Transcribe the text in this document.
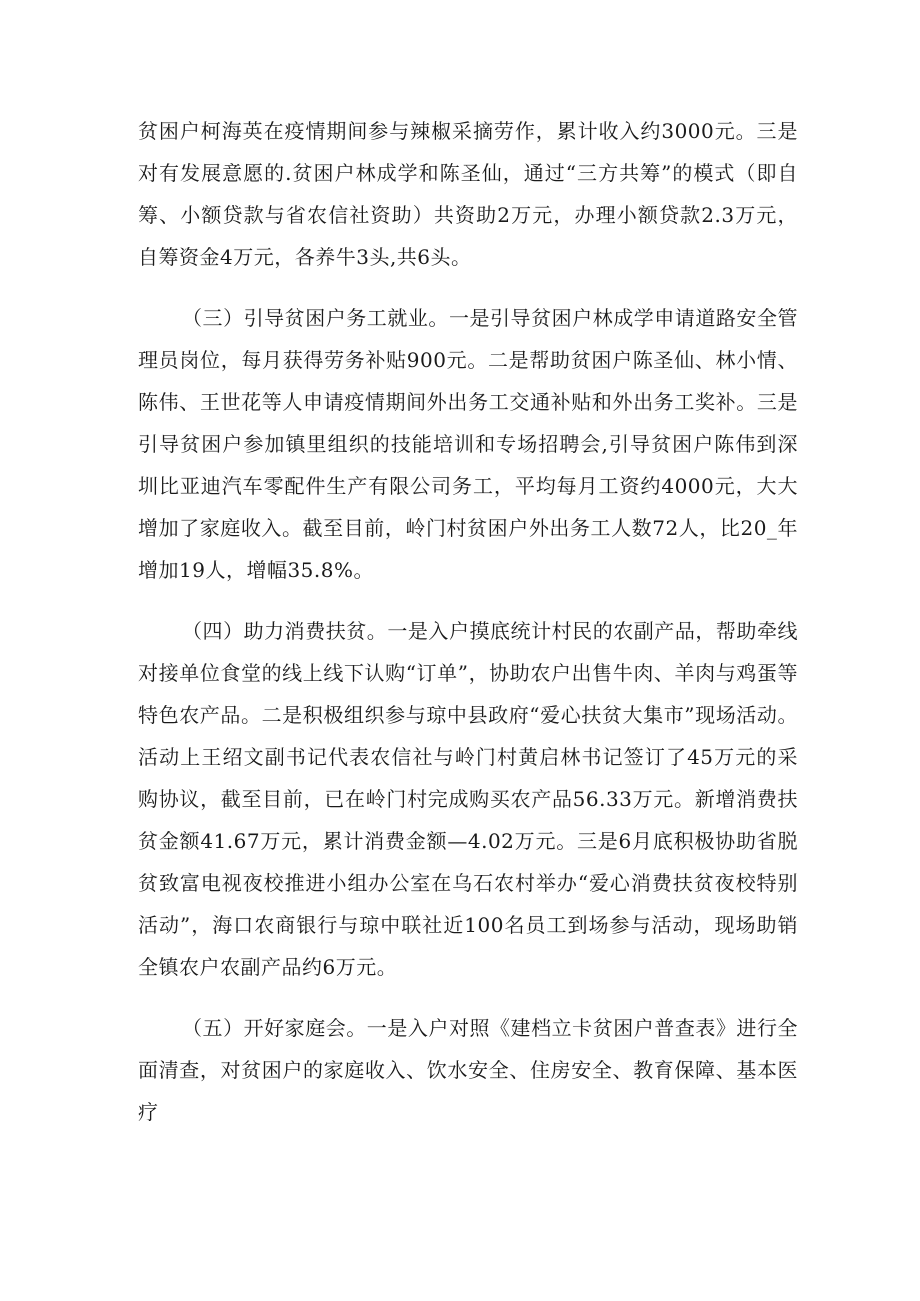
贫困户柯海英在疫情期间参与辣椒采摘劳作，累计收入约3000元。三是对有发展意愿的.贫困户林成学和陈圣仙，通过“三方共筹”的模式（即自筹、小额贷款与省农信社资助）共资助2万元，办理小额贷款2.3万元，自筹资金4万元，各养牛3头,共6头。

（三）引导贫困户务工就业。一是引导贫困户林成学申请道路安全管理员岗位，每月获得劳务补贴900元。二是帮助贫困户陈圣仙、林小情、陈伟、王世花等人申请疫情期间外出务工交通补贴和外出务工奖补。三是引导贫困户参加镇里组织的技能培训和专场招聘会,引导贫困户陈伟到深圳比亚迪汽车零配件生产有限公司务工，平均每月工资约4000元，大大增加了家庭收入。截至目前，岭门村贫困户外出务工人数72人，比20_年增加19人，增幅35.8%。

（四）助力消费扶贫。一是入户摸底统计村民的农副产品，帮助牵线对接单位食堂的线上线下认购“订单”，协助农户出售牛肉、羊肉与鸡蛋等特色农产品。二是积极组织参与琼中县政府“爱心扶贫大集市”现场活动。活动上王绍文副书记代表农信社与岭门村黄启林书记签订了45万元的采购协议，截至目前，已在岭门村完成购买农产品56.33万元。新增消费扶贫金额41.67万元，累计消费金额—4.02万元。三是6月底积极协助省脱贫致富电视夜校推进小组办公室在乌石农村举办“爱心消费扶贫夜校特别活动”，海口农商银行与琼中联社近100名员工到场参与活动，现场助销全镇农户农副产品约6万元。

（五）开好家庭会。一是入户对照《建档立卡贫困户普查表》进行全面清查，对贫困户的家庭收入、饮水安全、住房安全、教育保障、基本医疗
